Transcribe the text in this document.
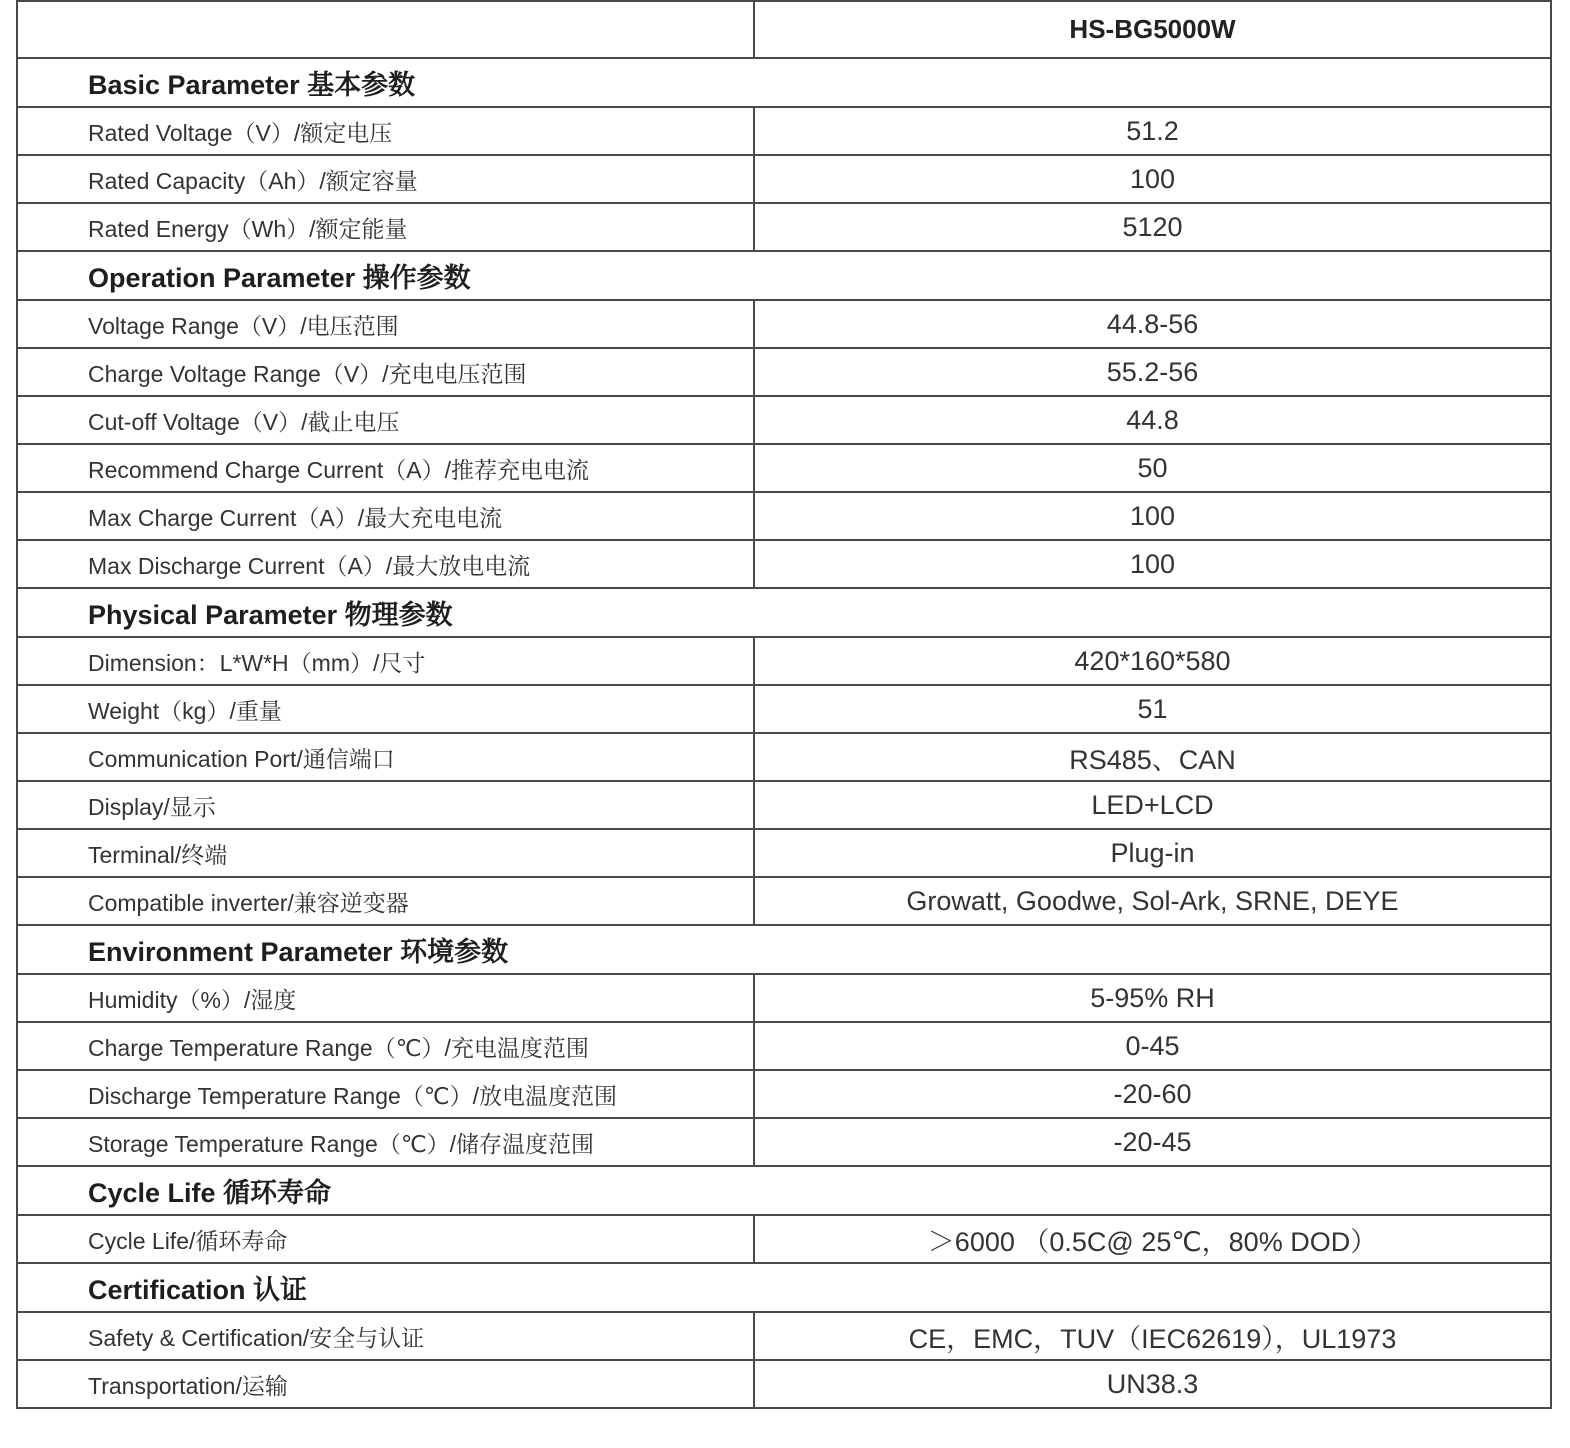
	HS-BG5000W
Basic Parameter 基本参数	
Rated Voltage（V）/额定电压	51.2
Rated Capacity（Ah）/额定容量	100
Rated Energy（Wh）/额定能量	5120
Operation Parameter 操作参数	
Voltage Range（V）/电压范围	44.8-56
Charge Voltage Range（V）/充电电压范围	55.2-56
Cut-off Voltage（V）/截止电压	44.8
Recommend Charge Current（A）/推荐充电电流	50
Max Charge Current（A）/最大充电电流	100
Max Discharge Current（A）/最大放电电流	100
Physical Parameter 物理参数	
Dimension：L*W*H（mm）/尺寸	420*160*580
Weight（kg）/重量	51
Communication Port/通信端口	RS485、CAN
Display/显示	LED+LCD
Terminal/终端	Plug-in
Compatible inverter/兼容逆变器	Growatt, Goodwe, Sol-Ark, SRNE, DEYE
Environment Parameter 环境参数	
Humidity（%）/湿度	5-95% RH
Charge Temperature Range（℃）/充电温度范围	0-45
Discharge Temperature Range（℃）/放电温度范围	-20-60
Storage Temperature Range（℃）/储存温度范围	-20-45
Cycle Life 循环寿命	
Cycle Life/循环寿命	＞6000 （0.5C@ 25℃，80% DOD）
Certification 认证	
Safety & Certification/安全与认证	CE，EMC，TUV（IEC62619），UL1973
Transportation/运输	UN38.3
